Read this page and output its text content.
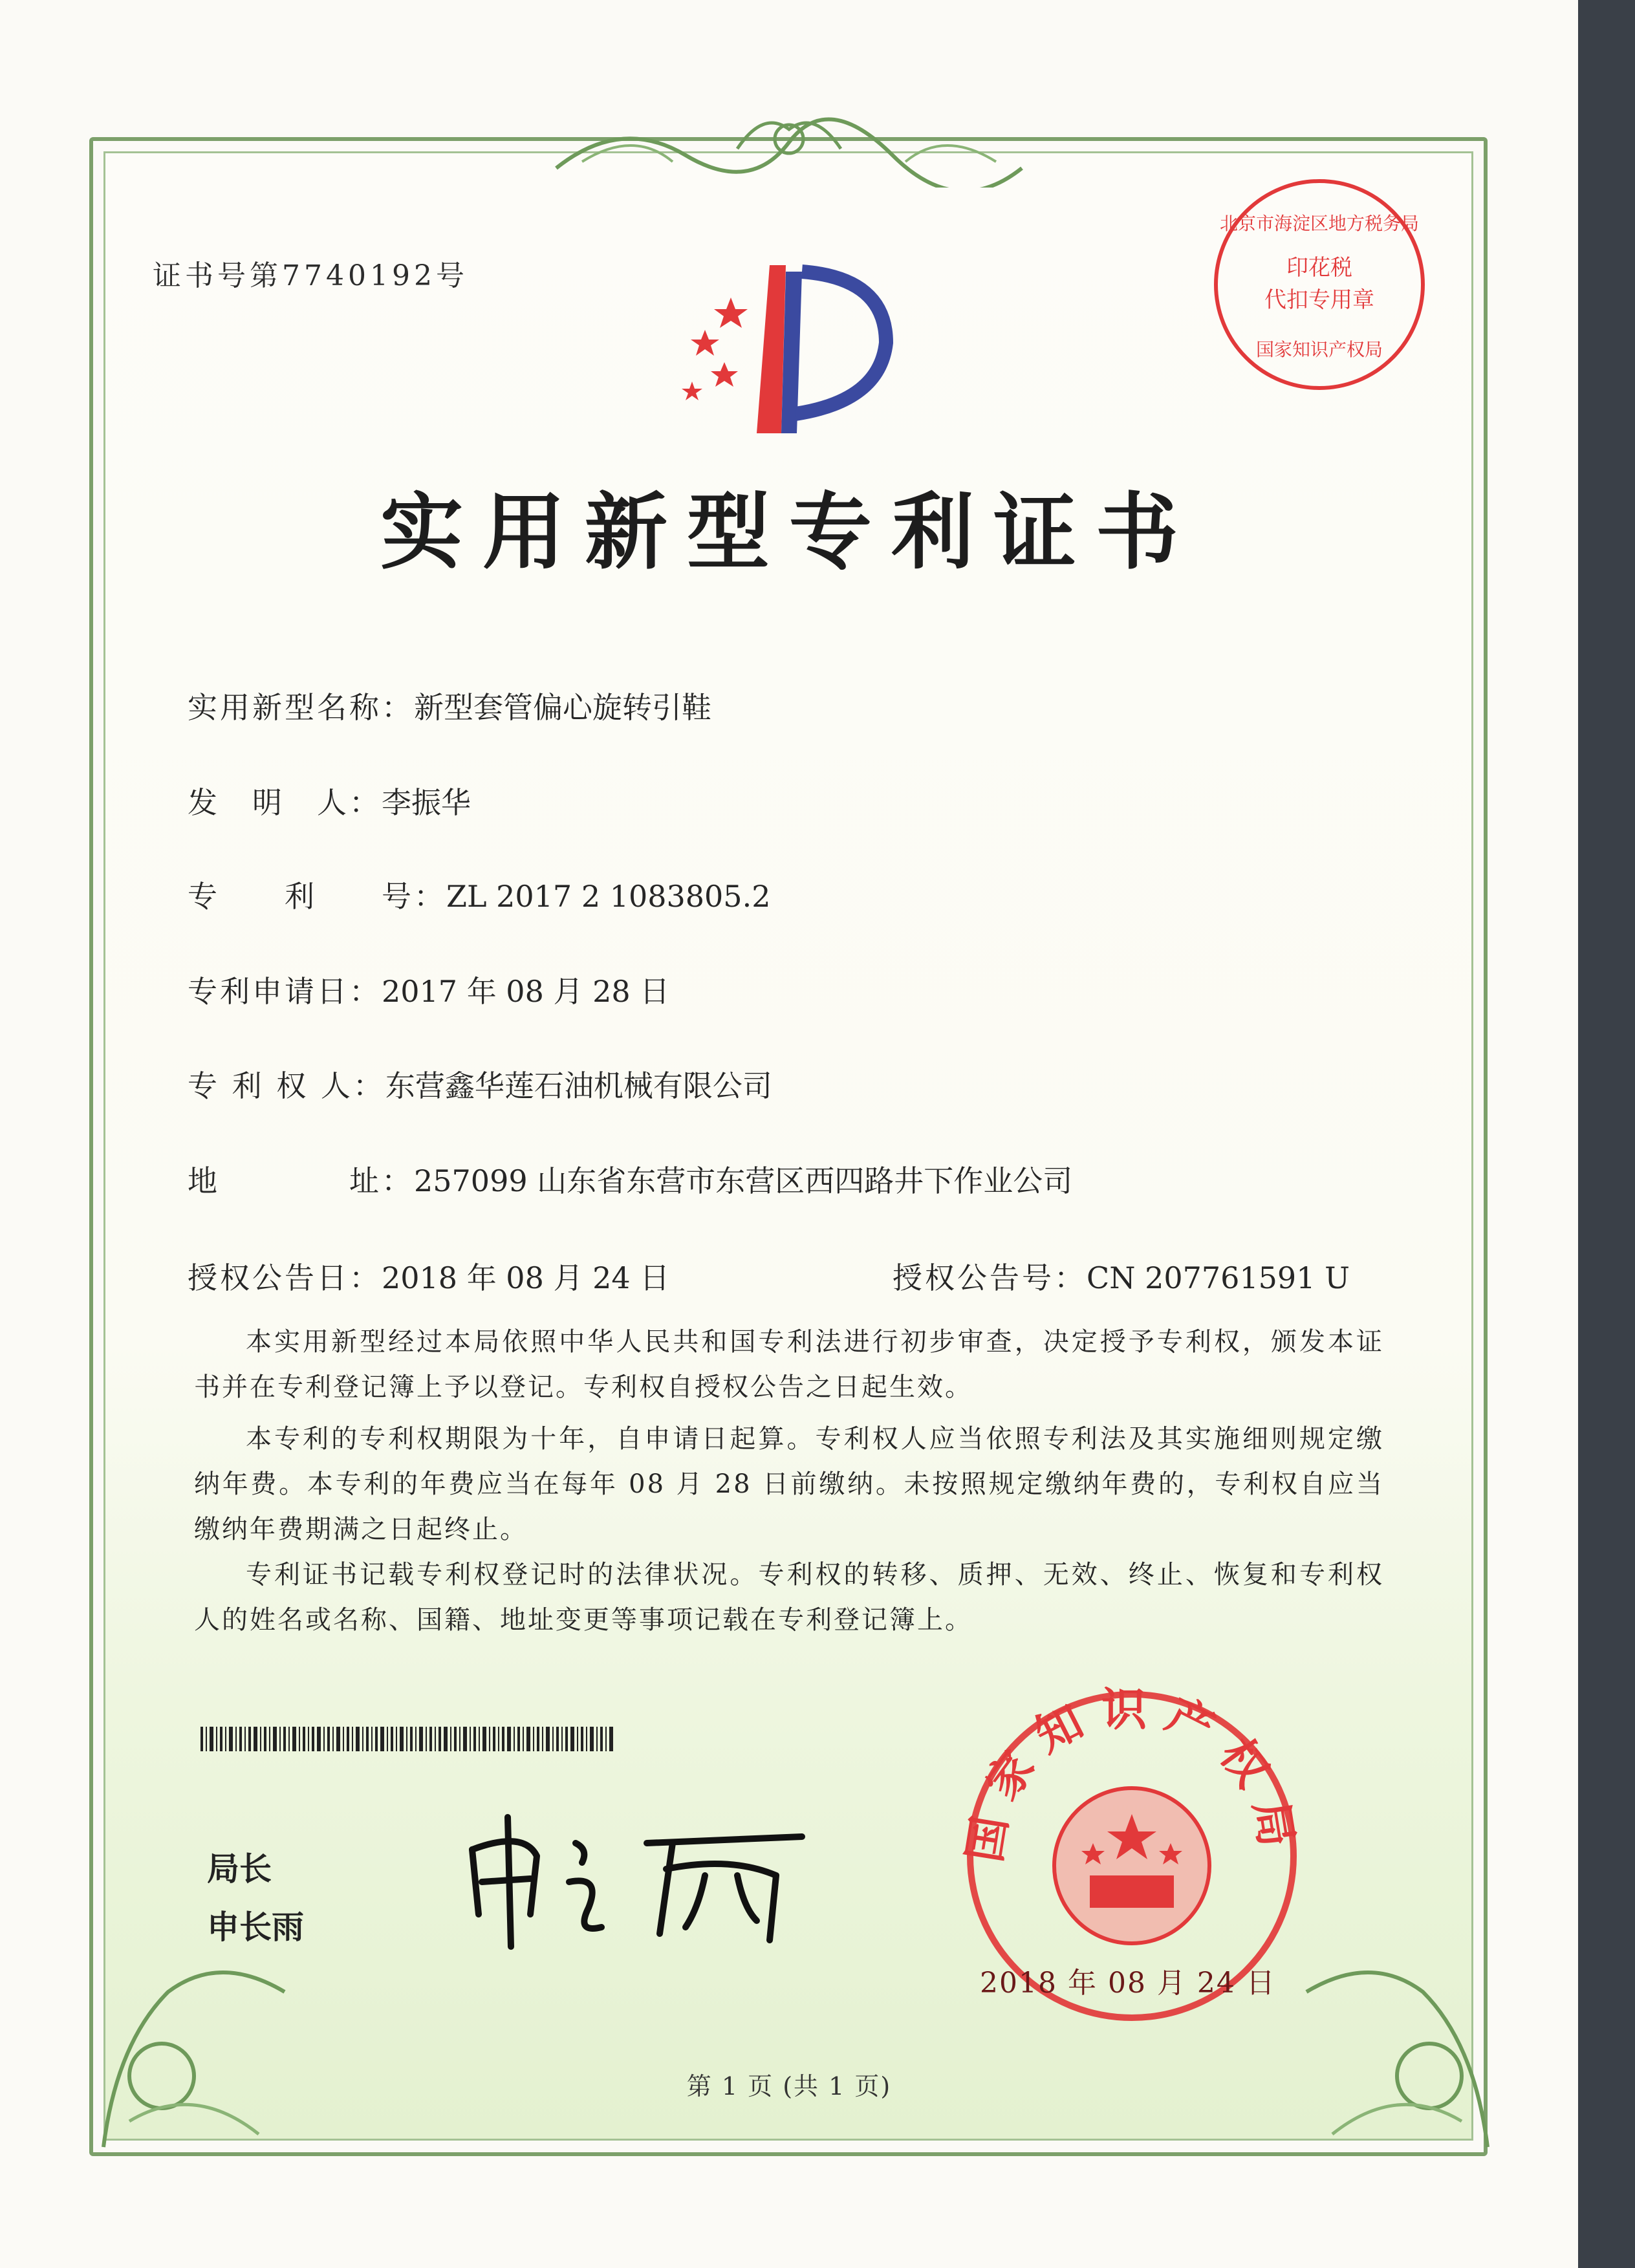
证书号第7740192号
北京市海淀区地方税务局
印花税
代扣专用章
国家知识产权局
实用新型专利证书
实用新型名称：新型套管偏心旋转引鞋
发　明　人：李振华
专　　利　　号：ZL 2017 2 1083805.2
专利申请日：2017 年 08 月 28 日
专 利 权 人：东营鑫华莲石油机械有限公司
地　　　　址：257099 山东省东营市东营区西四路井下作业公司
授权公告日：2018 年 08 月 24 日	授权公告号：CN 207761591 U
本实用新型经过本局依照中华人民共和国专利法进行初步审查，决定授予专利权，颁发本证书并在专利登记簿上予以登记。专利权自授权公告之日起生效。
本专利的专利权期限为十年，自申请日起算。专利权人应当依照专利法及其实施细则规定缴纳年费。本专利的年费应当在每年 08 月 28 日前缴纳。未按照规定缴纳年费的，专利权自应当缴纳年费期满之日起终止。
专利证书记载专利权登记时的法律状况。专利权的转移、质押、无效、终止、恢复和专利权人的姓名或名称、国籍、地址变更等事项记载在专利登记簿上。
局长
申长雨
国家知识产权局
2018 年 08 月 24 日
第 1 页 (共 1 页)
